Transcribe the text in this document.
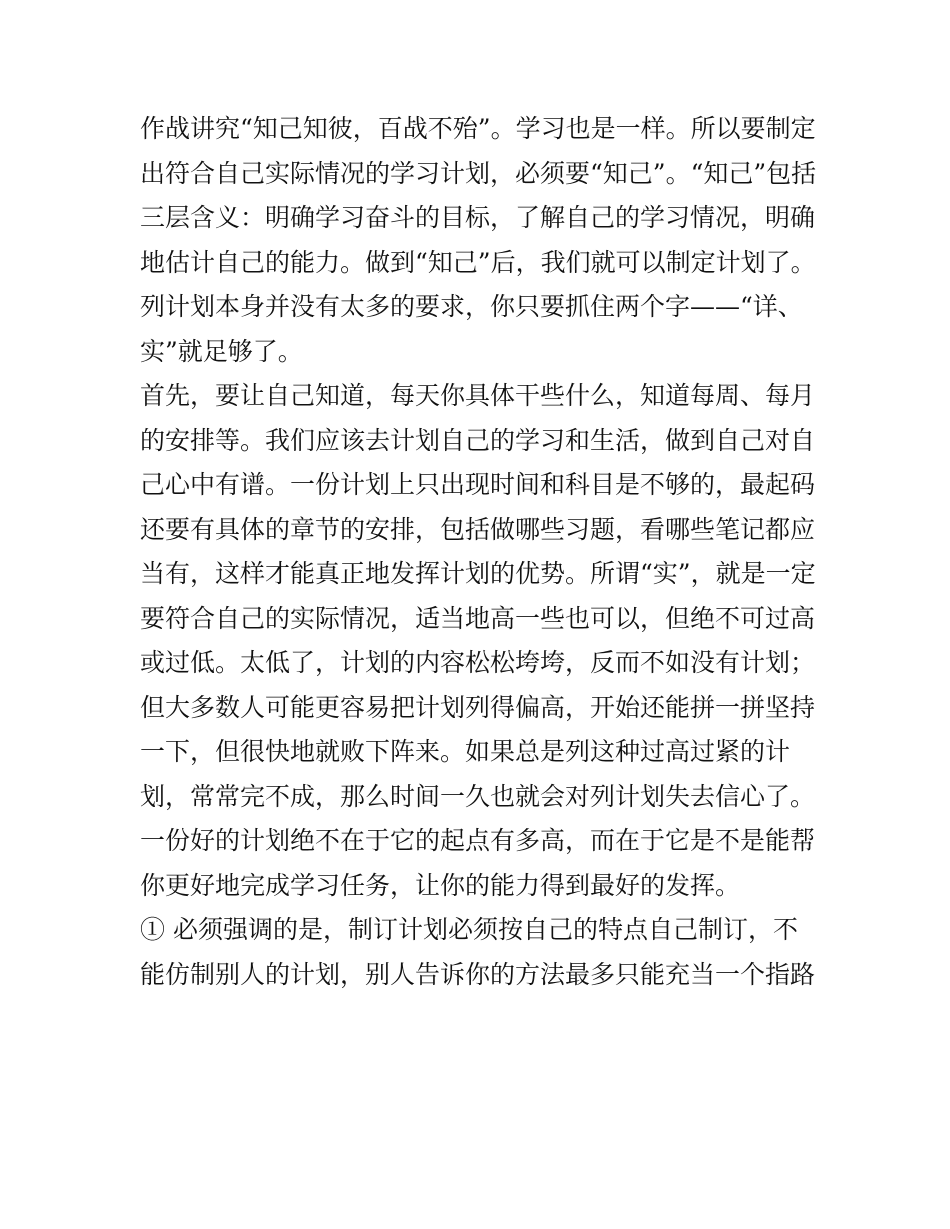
作战讲究“知己知彼，百战不殆”。学习也是一样。所以要制定
出符合自己实际情况的学习计划，必须要“知己”。“知己”包括
三层含义：明确学习奋斗的目标，了解自己的学习情况，明确
地估计自己的能力。做到“知己”后，我们就可以制定计划了。
列计划本身并没有太多的要求，你只要抓住两个字——“详、
实”就足够了。
首先，要让自己知道，每天你具体干些什么，知道每周、每月
的安排等。我们应该去计划自己的学习和生活，做到自己对自
己心中有谱。一份计划上只出现时间和科目是不够的，最起码
还要有具体的章节的安排，包括做哪些习题，看哪些笔记都应
当有，这样才能真正地发挥计划的优势。所谓“实”，就是一定
要符合自己的实际情况，适当地高一些也可以，但绝不可过高
或过低。太低了，计划的内容松松垮垮，反而不如没有计划；
但大多数人可能更容易把计划列得偏高，开始还能拼一拼坚持
一下，但很快地就败下阵来。如果总是列这种过高过紧的计
划，常常完不成，那么时间一久也就会对列计划失去信心了。
一份好的计划绝不在于它的起点有多高，而在于它是不是能帮
你更好地完成学习任务，让你的能力得到最好的发挥。
① 必须强调的是，制订计划必须按自己的特点自己制订，不
能仿制别人的计划，别人告诉你的方法最多只能充当一个指路
